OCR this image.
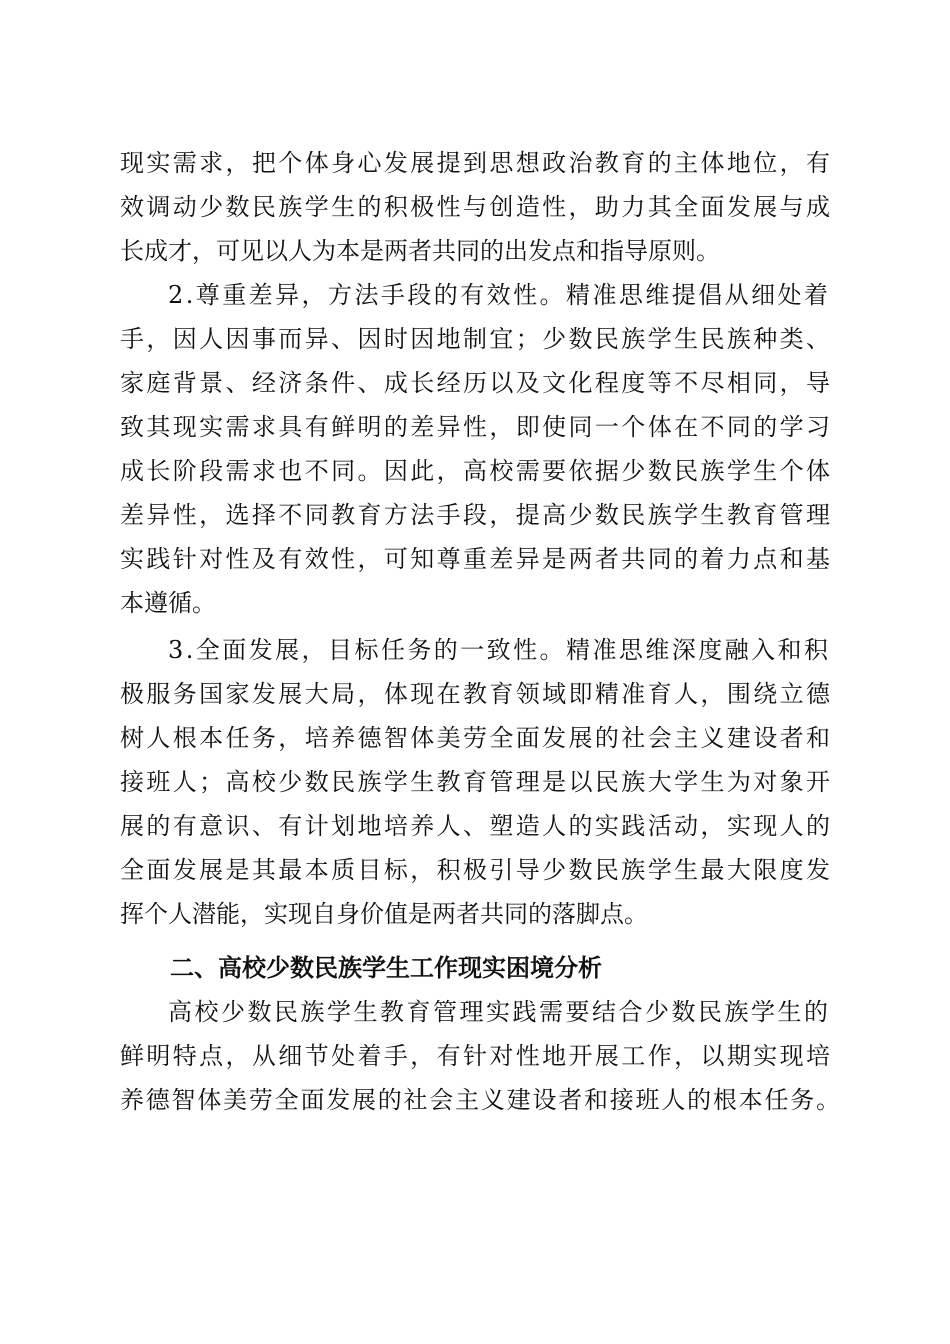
现实需求，把个体身心发展提到思想政治教育的主体地位，有
效调动少数民族学生的积极性与创造性，助力其全面发展与成
长成才，可见以人为本是两者共同的出发点和指导原则。
2.尊重差异，方法手段的有效性。精准思维提倡从细处着
手，因人因事而异、因时因地制宜；少数民族学生民族种类、
家庭背景、经济条件、成长经历以及文化程度等不尽相同，导
致其现实需求具有鲜明的差异性，即使同一个体在不同的学习
成长阶段需求也不同。因此，高校需要依据少数民族学生个体
差异性，选择不同教育方法手段，提高少数民族学生教育管理
实践针对性及有效性，可知尊重差异是两者共同的着力点和基
本遵循。
3.全面发展，目标任务的一致性。精准思维深度融入和积
极服务国家发展大局，体现在教育领域即精准育人，围绕立德
树人根本任务，培养德智体美劳全面发展的社会主义建设者和
接班人；高校少数民族学生教育管理是以民族大学生为对象开
展的有意识、有计划地培养人、塑造人的实践活动，实现人的
全面发展是其最本质目标，积极引导少数民族学生最大限度发
挥个人潜能，实现自身价值是两者共同的落脚点。
二、高校少数民族学生工作现实困境分析
高校少数民族学生教育管理实践需要结合少数民族学生的
鲜明特点，从细节处着手，有针对性地开展工作，以期实现培
养德智体美劳全面发展的社会主义建设者和接班人的根本任务。
